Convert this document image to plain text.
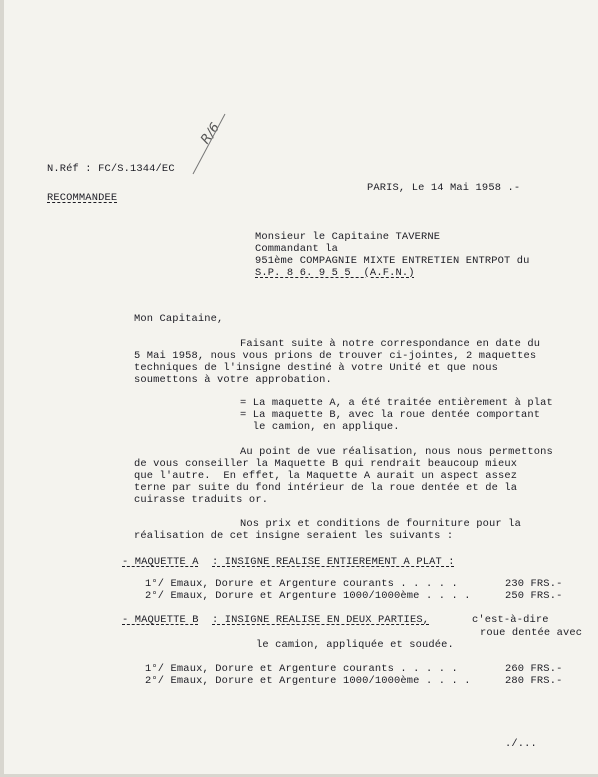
N.Réf : FC/S.1344/EC
RECOMMANDEE
R/6
PARIS, Le 14 Mai 1958 .-
Monsieur le Capitaine TAVERNE
Commandant la
951ème COMPAGNIE MIXTE ENTRETIEN ENTRPOT du
S.P. 8 6. 9 5 5  (A.F.N.)
Mon Capitaine,
Faisant suite à notre correspondance en date du
5 Mai 1958, nous vous prions de trouver ci-jointes, 2 maquettes
techniques de l'insigne destiné à votre Unité et que nous
soumettons à votre approbation.
= La maquette A, a été traitée entièrement à plat
= La maquette B, avec la roue dentée comportant
le camion, en applique.
Au point de vue réalisation, nous nous permettons
de vous conseiller la Maquette B qui rendrait beaucoup mieux
que l'autre.  En effet, la Maquette A aurait un aspect assez
terne par suite du fond intérieur de la roue dentée et de la
cuirasse traduits or.
Nos prix et conditions de fourniture pour la
réalisation de cet insigne seraient les suivants :
- MAQUETTE A : INSIGNE REALISE ENTIEREMENT A PLAT :
1°/ Emaux, Dorure et Argenture courants . . . . .	230 FRS.-
2°/ Emaux, Dorure et Argenture 1000/1000ème . . . .	250 FRS.-
- MAQUETTE B : INSIGNE REALISE EN DEUX PARTIES,	c'est-à-dire
roue dentée avec
le camion, appliquée et soudée.
1°/ Emaux, Dorure et Argenture courants . . . . .	260 FRS.-
2°/ Emaux, Dorure et Argenture 1000/1000ème . . . .	280 FRS.-
./...
